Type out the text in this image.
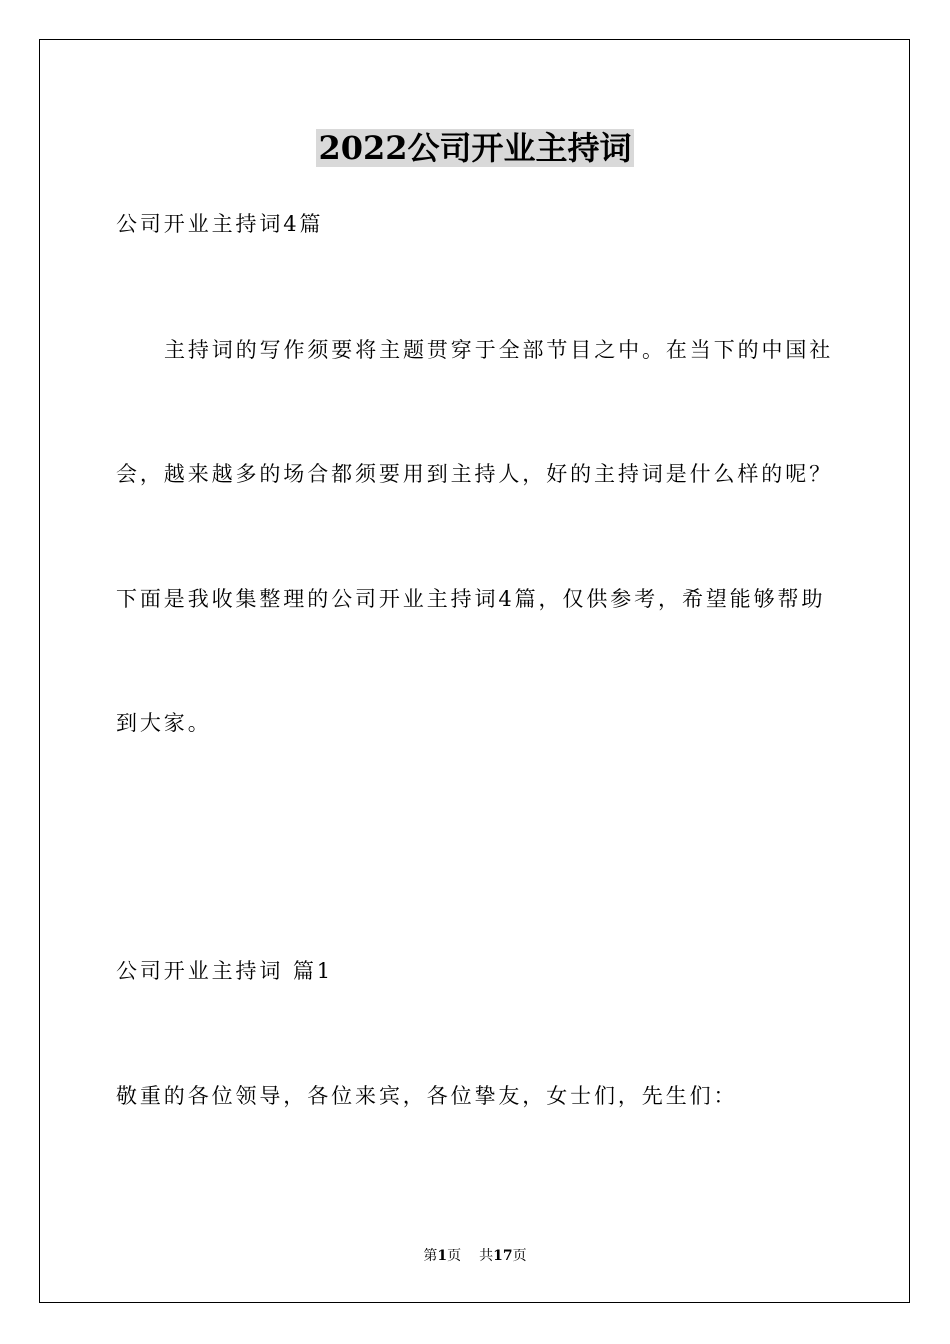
2022公司开业主持词
公司开业主持词4篇
主持词的写作须要将主题贯穿于全部节目之中。在当下的中国社
会，越来越多的场合都须要用到主持人，好的主持词是什么样的呢？
下面是我收集整理的公司开业主持词4篇，仅供参考，希望能够帮助
到大家。
公司开业主持词 篇1
敬重的各位领导，各位来宾，各位挚友，女士们，先生们：
第1页 共17页
